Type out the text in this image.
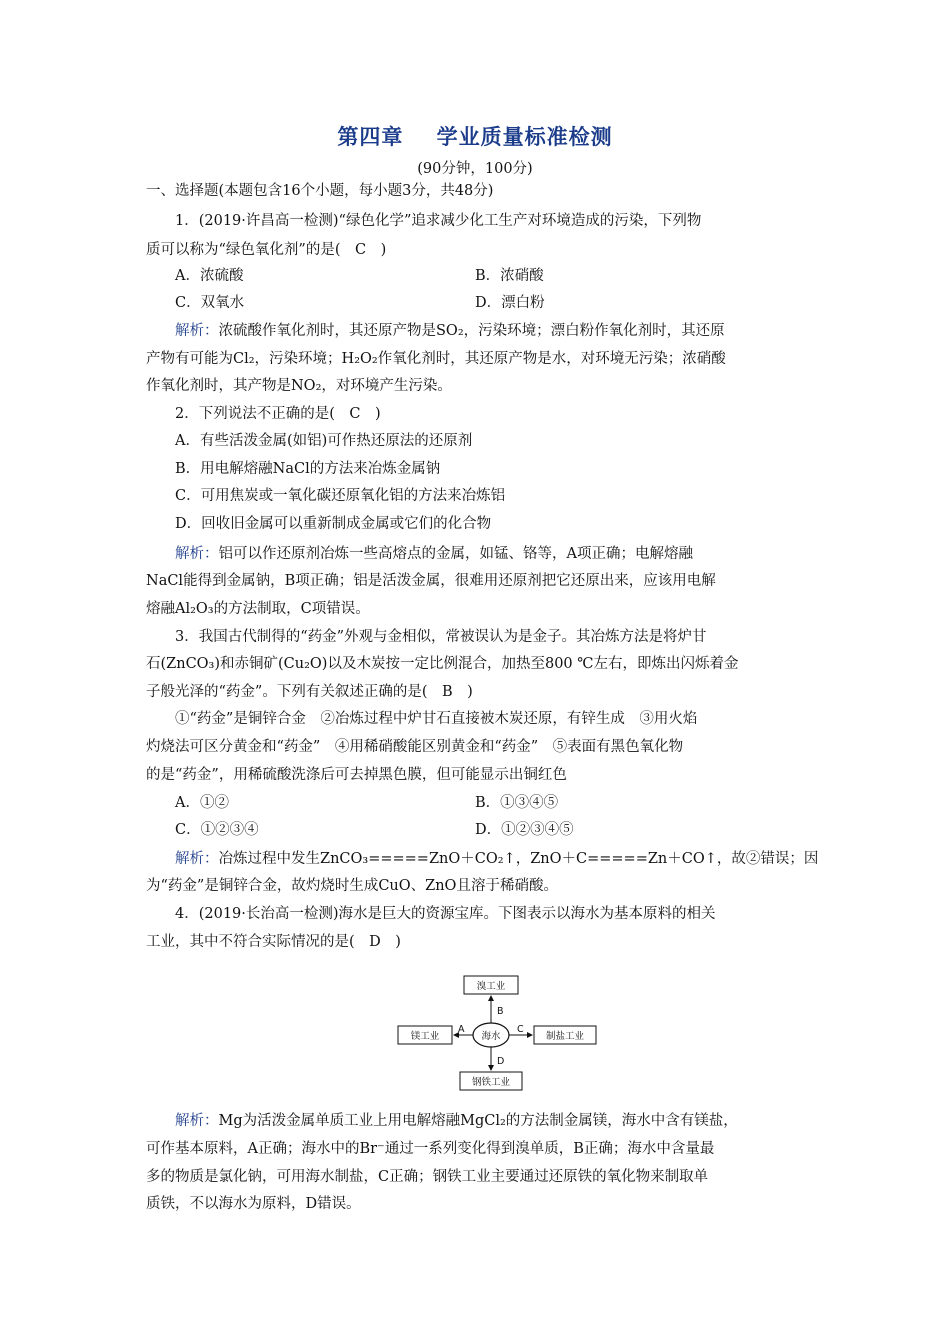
第四章    学业质量标准检测
(90分钟，100分)
一、选择题(本题包含16个小题，每小题3分，共48分)
1．(2019·许昌高一检测)“绿色化学”追求减少化工生产对环境造成的污染，下列物
质可以称为“绿色氧化剂”的是(　C　)
A．浓硫酸	B．浓硝酸
C．双氧水	D．漂白粉
解析：浓硫酸作氧化剂时，其还原产物是SO₂，污染环境；漂白粉作氧化剂时，其还原
产物有可能为Cl₂，污染环境；H₂O₂作氧化剂时，其还原产物是水，对环境无污染；浓硝酸
作氧化剂时，其产物是NO₂，对环境产生污染。
2．下列说法不正确的是(　C　)
A．有些活泼金属(如铝)可作热还原法的还原剂
B．用电解熔融NaCl的方法来冶炼金属钠
C．可用焦炭或一氧化碳还原氧化铝的方法来冶炼铝
D．回收旧金属可以重新制成金属或它们的化合物
解析：铝可以作还原剂冶炼一些高熔点的金属，如锰、铬等，A项正确；电解熔融
NaCl能得到金属钠，B项正确；铝是活泼金属，很难用还原剂把它还原出来，应该用电解
熔融Al₂O₃的方法制取，C项错误。
3．我国古代制得的“药金”外观与金相似，常被误认为是金子。其冶炼方法是将炉甘
石(ZnCO₃)和赤铜矿(Cu₂O)以及木炭按一定比例混合，加热至800 ℃左右，即炼出闪烁着金
子般光泽的“药金”。下列有关叙述正确的是(　B　)
①“药金”是铜锌合金　②冶炼过程中炉甘石直接被木炭还原，有锌生成　③用火焰
灼烧法可区分黄金和“药金”　④用稀硝酸能区别黄金和“药金”　⑤表面有黑色氧化物
的是“药金”，用稀硫酸洗涤后可去掉黑色膜，但可能显示出铜红色
A．①②	B．①③④⑤
C．①②③④	D．①②③④⑤
解析：冶炼过程中发生ZnCO₃=====ZnO＋CO₂↑，ZnO＋C=====Zn＋CO↑，故②错误；因
为“药金”是铜锌合金，故灼烧时生成CuO、ZnO且溶于稀硝酸。
4．(2019·长治高一检测)海水是巨大的资源宝库。下图表示以海水为基本原料的相关
工业，其中不符合实际情况的是(　D　)
溴工业
镁工业	制盐工业
钢铁工业
海水
B
A	C
D
解析：Mg为活泼金属单质工业上用电解熔融MgCl₂的方法制金属镁，海水中含有镁盐，
可作基本原料，A正确；海水中的Br⁻通过一系列变化得到溴单质，B正确；海水中含量最
多的物质是氯化钠，可用海水制盐，C正确；钢铁工业主要通过还原铁的氧化物来制取单
质铁，不以海水为原料，D错误。
